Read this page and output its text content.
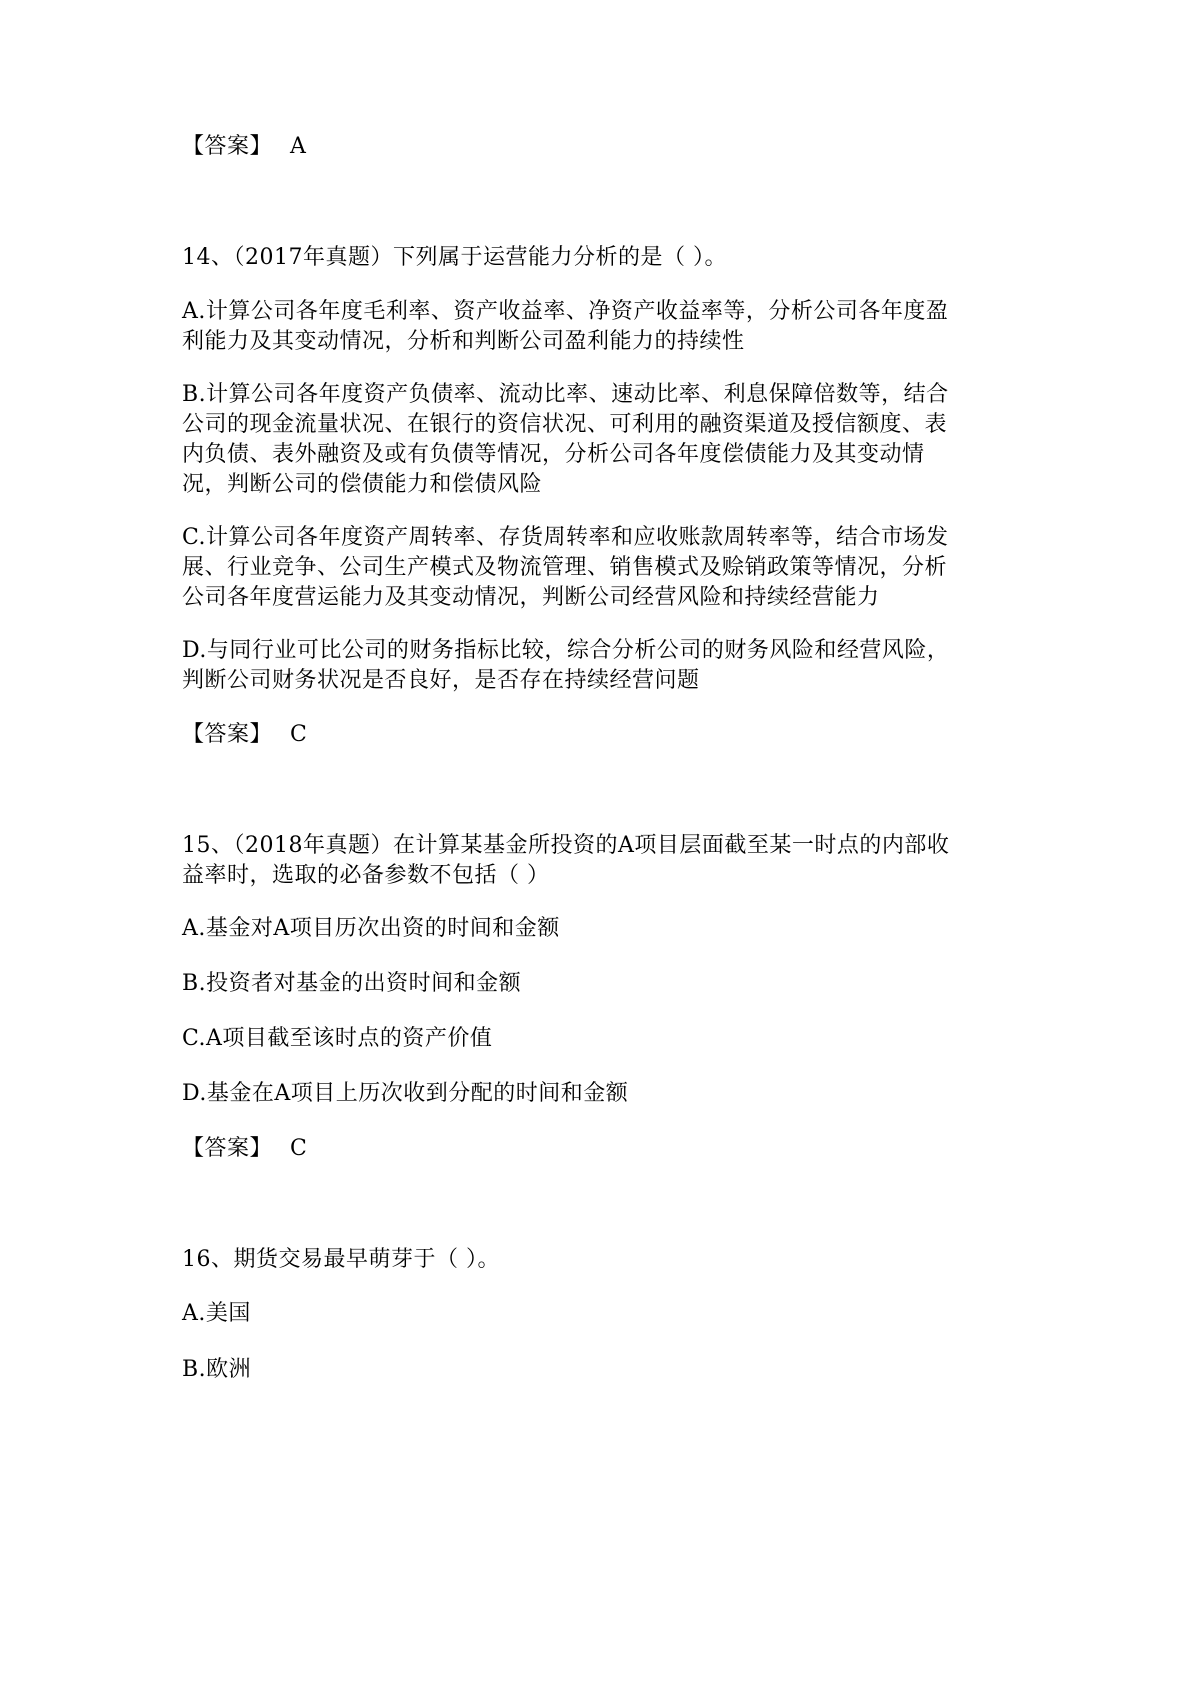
【答案】 A
14、（2017年真题）下列属于运营能力分析的是（ ）。
A.计算公司各年度毛利率、资产收益率、净资产收益率等，分析公司各年度盈
利能力及其变动情况，分析和判断公司盈利能力的持续性
B.计算公司各年度资产负债率、流动比率、速动比率、利息保障倍数等，结合
公司的现金流量状况、在银行的资信状况、可利用的融资渠道及授信额度、表
内负债、表外融资及或有负债等情况，分析公司各年度偿债能力及其变动情
况，判断公司的偿债能力和偿债风险
C.计算公司各年度资产周转率、存货周转率和应收账款周转率等，结合市场发
展、行业竞争、公司生产模式及物流管理、销售模式及赊销政策等情况，分析
公司各年度营运能力及其变动情况，判断公司经营风险和持续经营能力
D.与同行业可比公司的财务指标比较，综合分析公司的财务风险和经营风险，
判断公司财务状况是否良好，是否存在持续经营问题
【答案】 C
15、（2018年真题）在计算某基金所投资的A项目层面截至某一时点的内部收
益率时，选取的必备参数不包括（ ）
A.基金对A项目历次出资的时间和金额
B.投资者对基金的出资时间和金额
C.A项目截至该时点的资产价值
D.基金在A项目上历次收到分配的时间和金额
【答案】 C
16、期货交易最早萌芽于（ ）。
A.美国
B.欧洲
